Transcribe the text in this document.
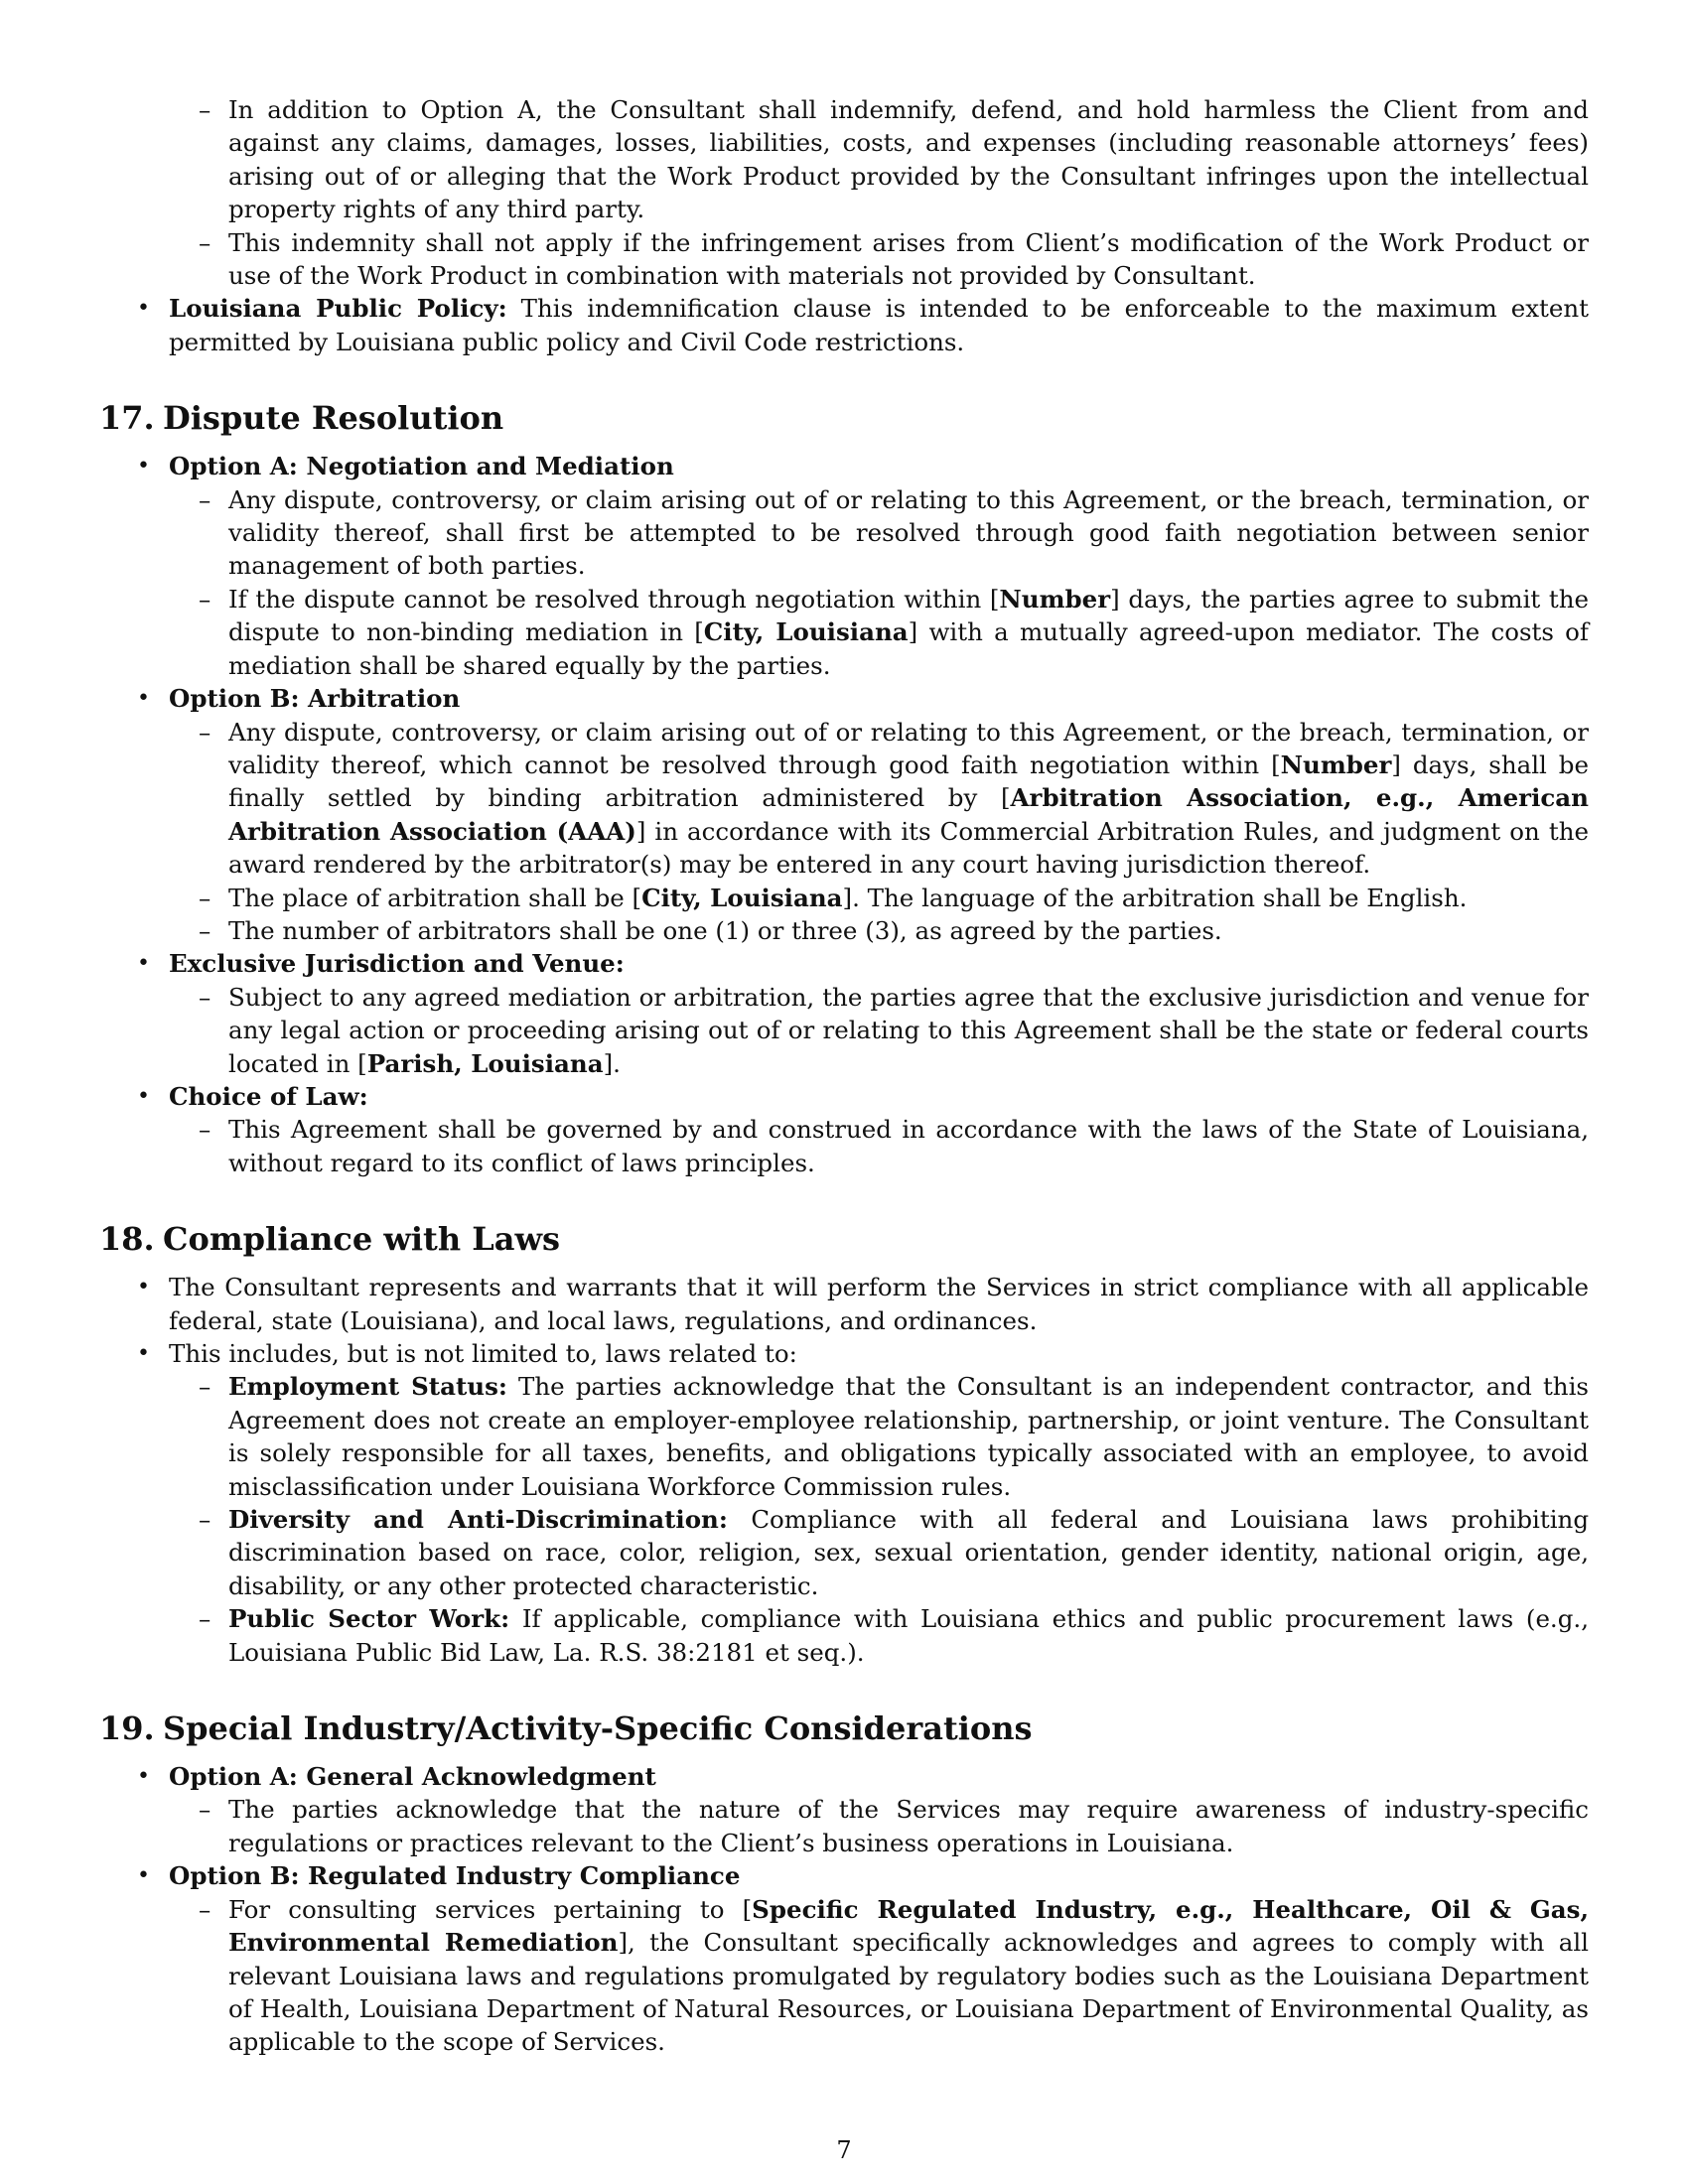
– In addition to Option A, the Consultant shall indemnify, defend, and hold harmless the Client from and against any claims, damages, losses, liabilities, costs, and expenses (including reasonable attorneys’ fees) arising out of or alleging that the Work Product provided by the Consultant infringes upon the intellectual property rights of any third party.

– This indemnity shall not apply if the infringement arises from Client’s modification of the Work Product or use of the Work Product in combination with materials not provided by Consultant.

• Louisiana Public Policy: This indemnification clause is intended to be enforceable to the maximum extent permitted by Louisiana public policy and Civil Code restrictions.

17. Dispute Resolution

• Option A: Negotiation and Mediation

– Any dispute, controversy, or claim arising out of or relating to this Agreement, or the breach, termination, or validity thereof, shall first be attempted to be resolved through good faith negotiation between senior management of both parties.

– If the dispute cannot be resolved through negotiation within [Number] days, the parties agree to submit the dispute to non-binding mediation in [City, Louisiana] with a mutually agreed-upon mediator. The costs of mediation shall be shared equally by the parties.

• Option B: Arbitration

– Any dispute, controversy, or claim arising out of or relating to this Agreement, or the breach, termination, or validity thereof, which cannot be resolved through good faith negotiation within [Number] days, shall be finally settled by binding arbitration administered by [Arbitration Association, e.g., American Arbitration Association (AAA)] in accordance with its Commercial Arbitration Rules, and judgment on the award rendered by the arbitrator(s) may be entered in any court having jurisdiction thereof.

– The place of arbitration shall be [City, Louisiana]. The language of the arbitration shall be English.

– The number of arbitrators shall be one (1) or three (3), as agreed by the parties.

• Exclusive Jurisdiction and Venue:

– Subject to any agreed mediation or arbitration, the parties agree that the exclusive jurisdiction and venue for any legal action or proceeding arising out of or relating to this Agreement shall be the state or federal courts located in [Parish, Louisiana].

• Choice of Law:

– This Agreement shall be governed by and construed in accordance with the laws of the State of Louisiana, without regard to its conflict of laws principles.

18. Compliance with Laws

• The Consultant represents and warrants that it will perform the Services in strict compliance with all applicable federal, state (Louisiana), and local laws, regulations, and ordinances.

• This includes, but is not limited to, laws related to:

– Employment Status: The parties acknowledge that the Consultant is an independent contractor, and this Agreement does not create an employer-employee relationship, partnership, or joint venture. The Consultant is solely responsible for all taxes, benefits, and obligations typically associated with an employee, to avoid misclassification under Louisiana Workforce Commission rules.

– Diversity and Anti-Discrimination: Compliance with all federal and Louisiana laws prohibiting discrimination based on race, color, religion, sex, sexual orientation, gender identity, national origin, age, disability, or any other protected characteristic.

– Public Sector Work: If applicable, compliance with Louisiana ethics and public procurement laws (e.g., Louisiana Public Bid Law, La. R.S. 38:2181 et seq.).

19. Special Industry/Activity-Specific Considerations

• Option A: General Acknowledgment

– The parties acknowledge that the nature of the Services may require awareness of industry-specific regulations or practices relevant to the Client’s business operations in Louisiana.

• Option B: Regulated Industry Compliance

– For consulting services pertaining to [Specific Regulated Industry, e.g., Healthcare, Oil & Gas, Environmental Remediation], the Consultant specifically acknowledges and agrees to comply with all relevant Louisiana laws and regulations promulgated by regulatory bodies such as the Louisiana Department of Health, Louisiana Department of Natural Resources, or Louisiana Department of Environmental Quality, as applicable to the scope of Services.

7
